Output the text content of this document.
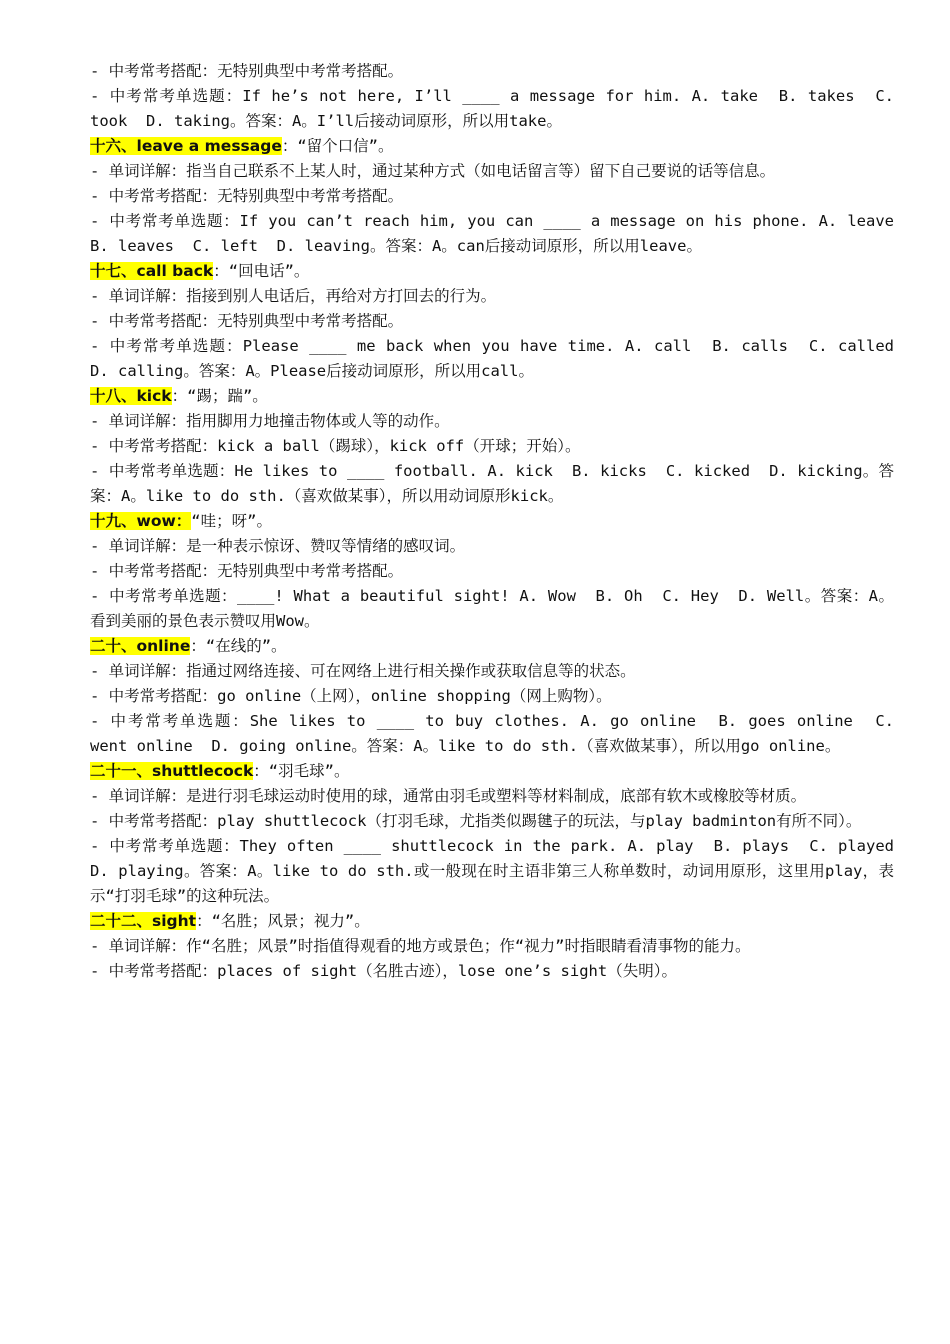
- 中考常考搭配：无特别典型中考常考搭配。

- 中考常考单选题：If he’s not here, I’ll ____ a message for him. A. take  B. takes  C. took  D. taking。答案：A。I’ll后接动词原形，所以用take。

十六、leave a message：“留个口信”。

- 单词详解：指当自己联系不上某人时，通过某种方式（如电话留言等）留下自己要说的话等信息。

- 中考常考搭配：无特别典型中考常考搭配。

- 中考常考单选题：If you can’t reach him, you can ____ a message on his phone. A. leave  B. leaves  C. left  D. leaving。答案：A。can后接动词原形，所以用leave。

十七、call back：“回电话”。

- 单词详解：指接到别人电话后，再给对方打回去的行为。

- 中考常考搭配：无特别典型中考常考搭配。

- 中考常考单选题：Please ____ me back when you have time. A. call  B. calls  C. called  D. calling。答案：A。Please后接动词原形，所以用call。

十八、kick：“踢；踹”。

- 单词详解：指用脚用力地撞击物体或人等的动作。

- 中考常考搭配：kick a ball（踢球），kick off（开球；开始）。

- 中考常考单选题：He likes to ____ football. A. kick  B. kicks  C. kicked  D. kicking。答案：A。like to do sth.（喜欢做某事），所以用动词原形kick。

十九、wow：“哇；呀”。

- 单词详解：是一种表示惊讶、赞叹等情绪的感叹词。

- 中考常考搭配：无特别典型中考常考搭配。

- 中考常考单选题：____! What a beautiful sight! A. Wow  B. Oh  C. Hey  D. Well。答案：A。看到美丽的景色表示赞叹用Wow。

二十、online：“在线的”。

- 单词详解：指通过网络连接、可在网络上进行相关操作或获取信息等的状态。

- 中考常考搭配：go online（上网），online shopping（网上购物）。

- 中考常考单选题：She likes to ____ to buy clothes. A. go online  B. goes online  C. went online  D. going online。答案：A。like to do sth.（喜欢做某事），所以用go online。

二十一、shuttlecock：“羽毛球”。

- 单词详解：是进行羽毛球运动时使用的球，通常由羽毛或塑料等材料制成，底部有软木或橡胶等材质。

- 中考常考搭配：play shuttlecock（打羽毛球，尤指类似踢毽子的玩法，与play badminton有所不同）。

- 中考常考单选题：They often ____ shuttlecock in the park. A. play  B. plays  C. played  D. playing。答案：A。like to do sth.或一般现在时主语非第三人称单数时，动词用原形，这里用play，表示“打羽毛球”的这种玩法。

二十二、sight：“名胜；风景；视力”。

- 单词详解：作“名胜；风景”时指值得观看的地方或景色；作“视力”时指眼睛看清事物的能力。

- 中考常考搭配：places of sight（名胜古迹），lose one’s sight（失明）。
